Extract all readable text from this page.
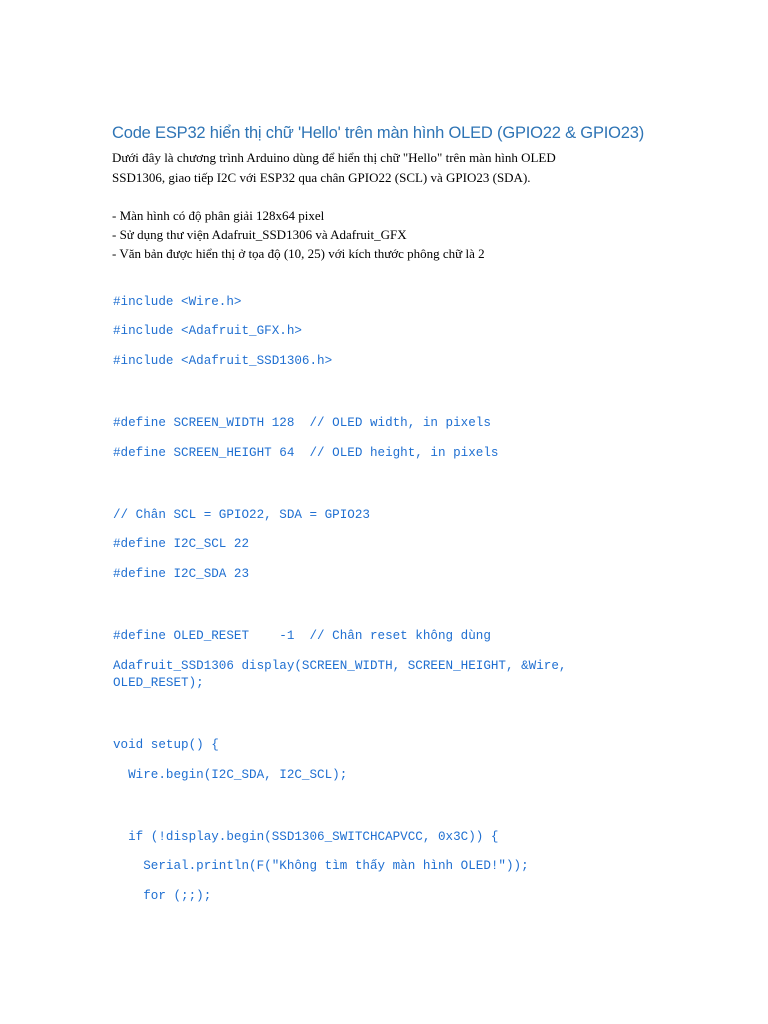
Code ESP32 hiển thị chữ 'Hello' trên màn hình OLED (GPIO22 & GPIO23)
Dưới đây là chương trình Arduino dùng để hiển thị chữ "Hello" trên màn hình OLED
SSD1306, giao tiếp I2C với ESP32 qua chân GPIO22 (SCL) và GPIO23 (SDA).
- Màn hình có độ phân giải 128x64 pixel
- Sử dụng thư viện Adafruit_SSD1306 và Adafruit_GFX
- Văn bản được hiển thị ở tọa độ (10, 25) với kích thước phông chữ là 2
#include <Wire.h>
#include <Adafruit_GFX.h>
#include <Adafruit_SSD1306.h>
#define SCREEN_WIDTH 128  // OLED width, in pixels
#define SCREEN_HEIGHT 64  // OLED height, in pixels
// Chân SCL = GPIO22, SDA = GPIO23
#define I2C_SCL 22
#define I2C_SDA 23
#define OLED_RESET    -1  // Chân reset không dùng
Adafruit_SSD1306 display(SCREEN_WIDTH, SCREEN_HEIGHT, &Wire,
OLED_RESET);
void setup() {
Wire.begin(I2C_SDA, I2C_SCL);
if (!display.begin(SSD1306_SWITCHCAPVCC, 0x3C)) {
Serial.println(F("Không tìm thấy màn hình OLED!"));
for (;;);
